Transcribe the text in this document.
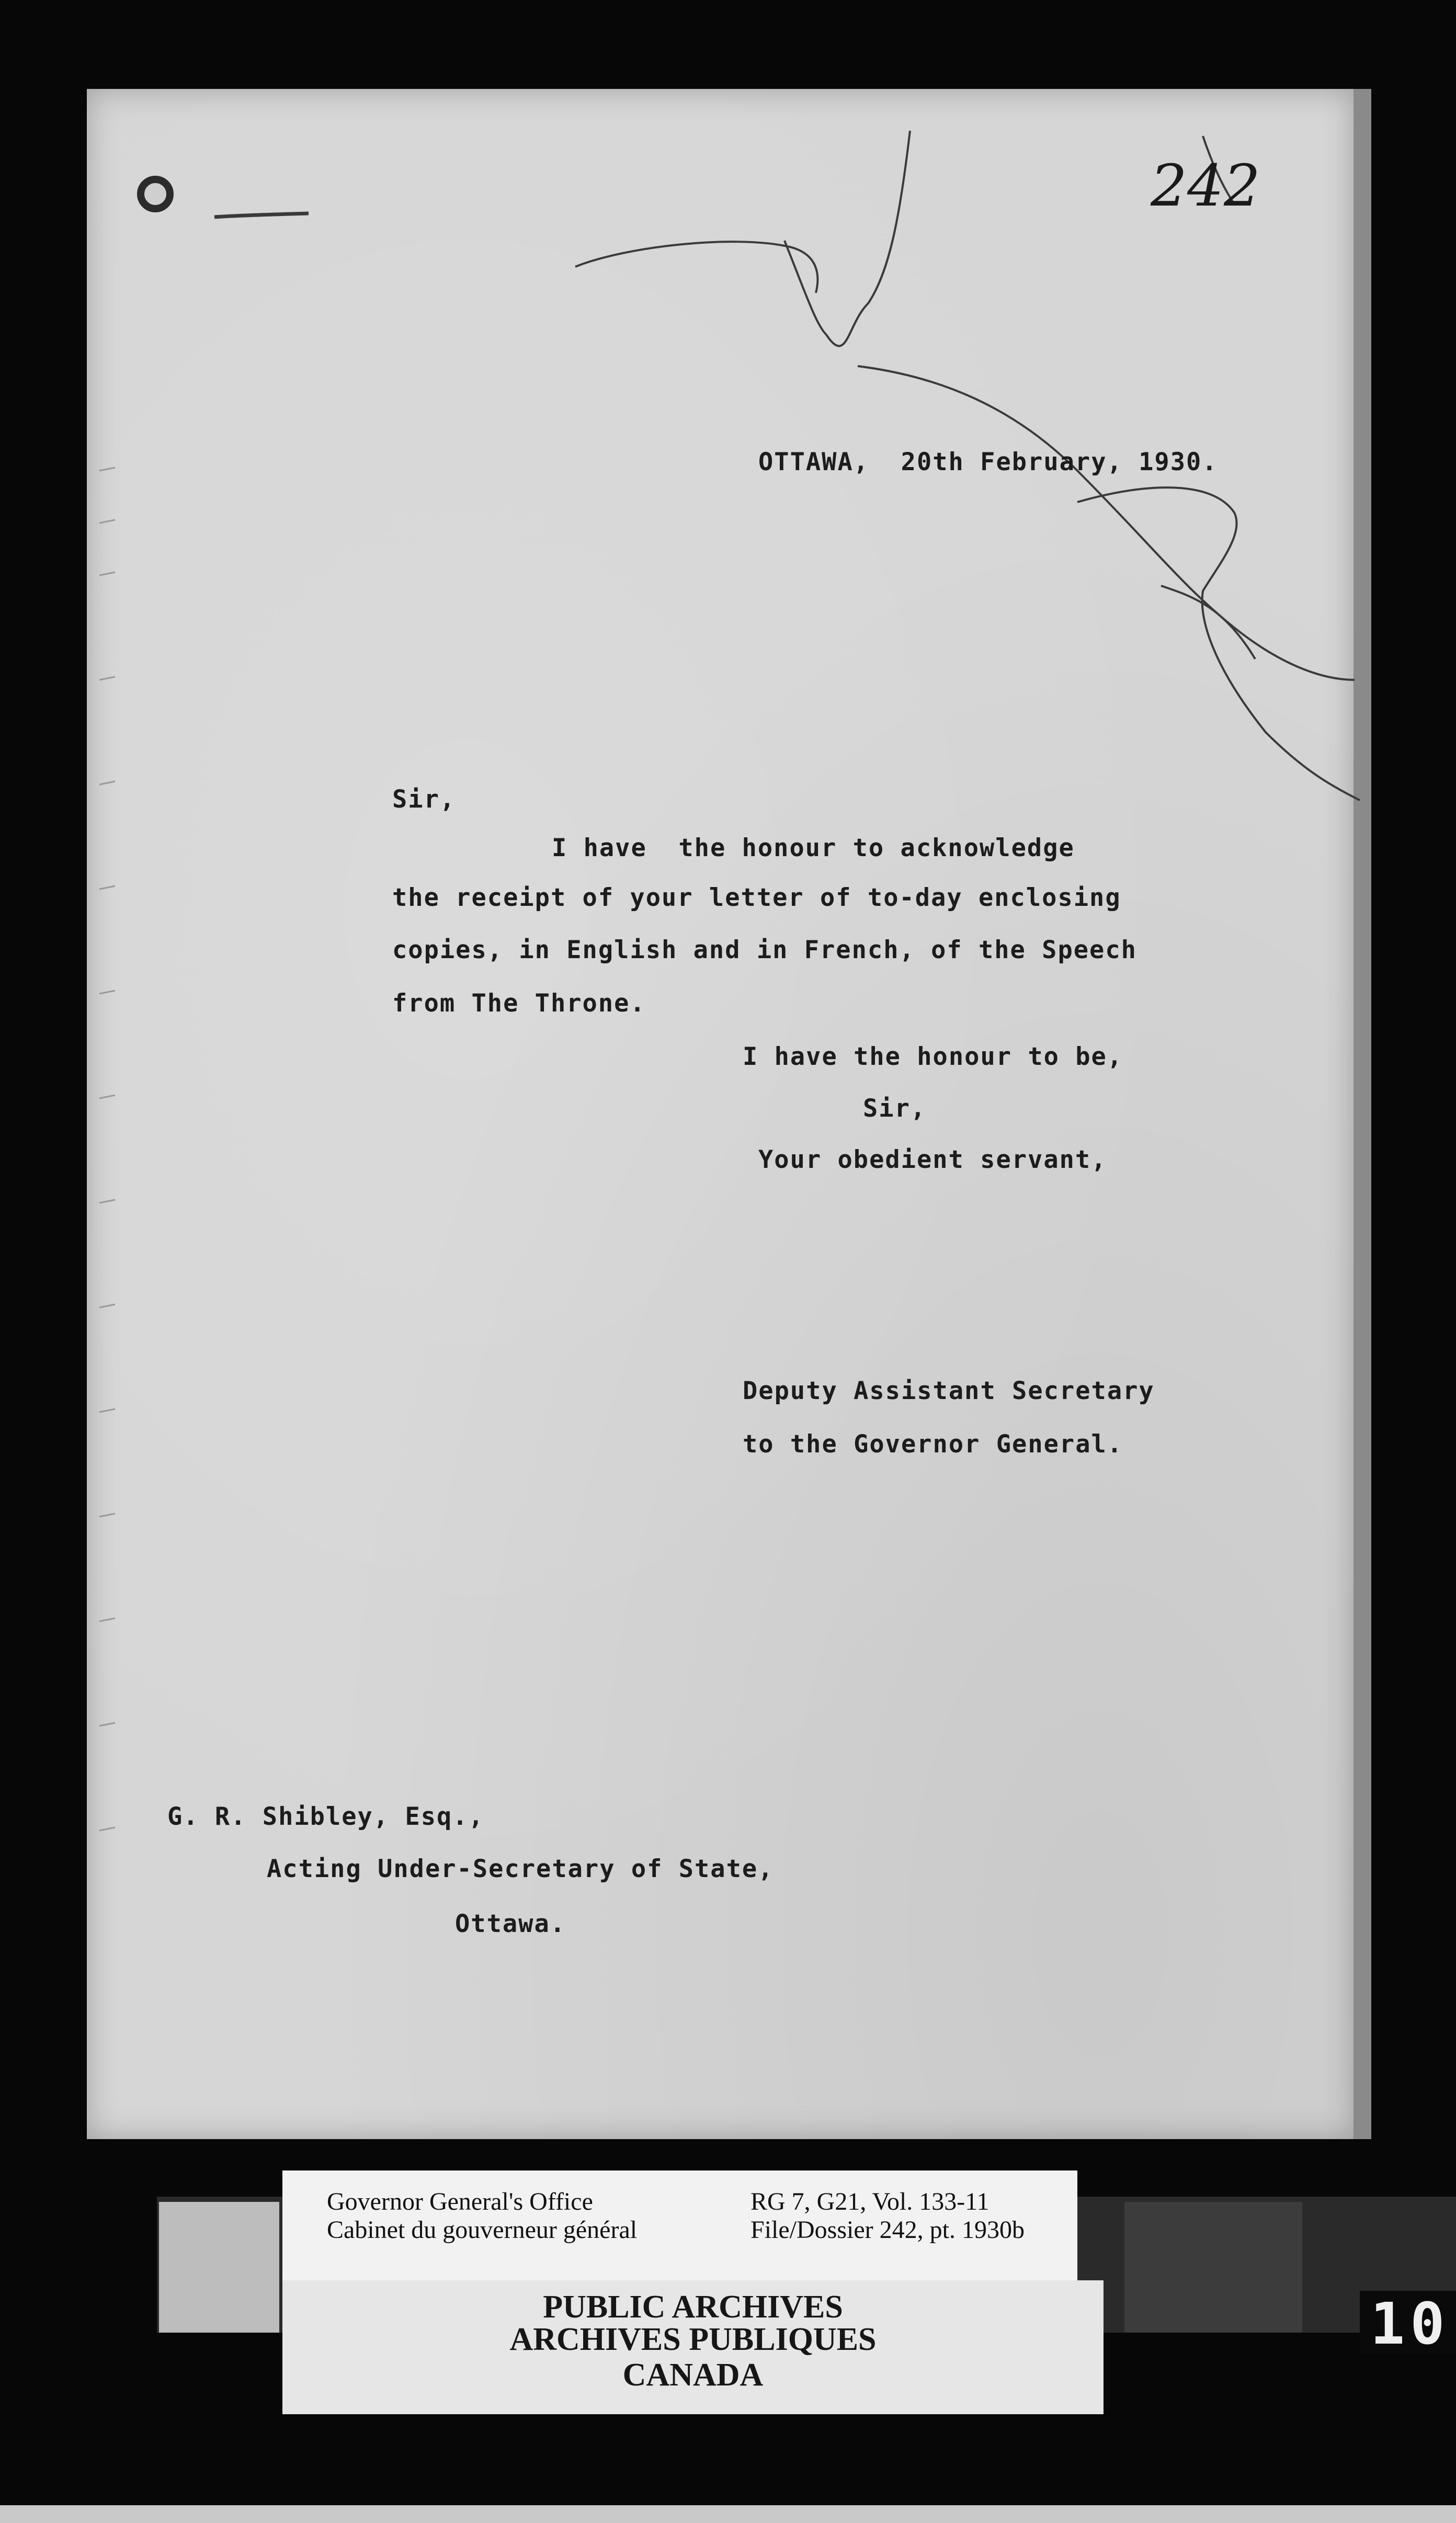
242
OTTAWA,  20th February, 1930.
Sir,
I have  the honour to acknowledge
the receipt of your letter of to-day enclosing
copies, in English and in French, of the Speech
from The Throne.
I have the honour to be,
Sir,
Your obedient servant,
Deputy Assistant Secretary
to the Governor General.
G. R. Shibley, Esq.,
Acting Under-Secretary of State,
Ottawa.
Governor General's Office
Cabinet du gouverneur général
RG 7, G21, Vol. 133-11
File/Dossier 242, pt. 1930b
PUBLIC ARCHIVES
ARCHIVES PUBLIQUES
CANADA
10
